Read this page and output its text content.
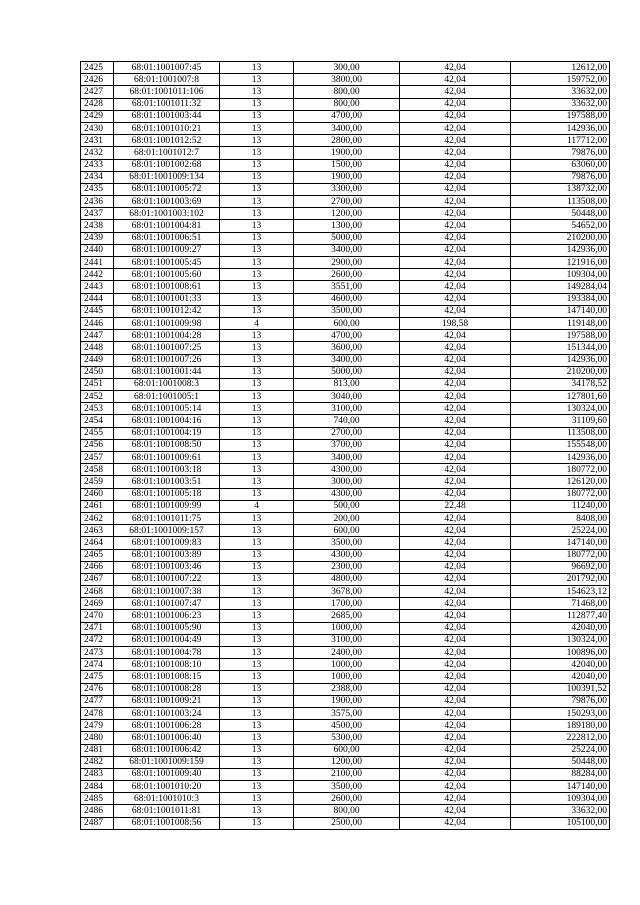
2425	68:01:1001007:45	13	300,00	42,04	12612,00
2426	68:01:1001007:8	13	3800,00	42,04	159752,00
2427	68:01:1001011:106	13	800,00	42,04	33632,00
2428	68:01:1001011:32	13	800,00	42,04	33632,00
2429	68:01:1001003:44	13	4700,00	42,04	197588,00
2430	68:01:1001010:21	13	3400,00	42,04	142936,00
2431	68:01:1001012:52	13	2800,00	42,04	117712,00
2432	68:01:1001012:7	13	1900,00	42,04	79876,00
2433	68:01:1001002:68	13	1500,00	42,04	63060,00
2434	68:01:1001009:134	13	1900,00	42,04	79876,00
2435	68:01:1001005:72	13	3300,00	42,04	138732,00
2436	68:01:1001003:69	13	2700,00	42,04	113508,00
2437	68:01:1001003:102	13	1200,00	42,04	50448,00
2438	68:01:1001004:81	13	1300,00	42,04	54652,00
2439	68:01:1001006:51	13	5000,00	42,04	210200,00
2440	68:01:1001009:27	13	3400,00	42,04	142936,00
2441	68:01:1001005:45	13	2900,00	42,04	121916,00
2442	68:01:1001005:60	13	2600,00	42,04	109304,00
2443	68:01:1001008:61	13	3551,00	42,04	149284,04
2444	68:01:1001001:33	13	4600,00	42,04	193384,00
2445	68:01:1001012:42	13	3500,00	42,04	147140,00
2446	68:01:1001009:98	4	600,00	198,58	119148,00
2447	68:01:1001004:28	13	4700,00	42,04	197588,00
2448	68:01:1001007:25	13	3600,00	42,04	151344,00
2449	68:01:1001007:26	13	3400,00	42,04	142936,00
2450	68:01:1001001:44	13	5000,00	42,04	210200,00
2451	68:01:1001008:3	13	813,00	42,04	34178,52
2452	68:01:1001005:1	13	3040,00	42,04	127801,60
2453	68:01:1001005:14	13	3100,00	42,04	130324,00
2454	68:01:1001004:16	13	740,00	42,04	31109,60
2455	68:01:1001004:19	13	2700,00	42,04	113508,00
2456	68:01:1001008:50	13	3700,00	42,04	155548,00
2457	68:01:1001009:61	13	3400,00	42,04	142936,00
2458	68:01:1001003:18	13	4300,00	42,04	180772,00
2459	68:01:1001003:51	13	3000,00	42,04	126120,00
2460	68:01:1001005:18	13	4300,00	42,04	180772,00
2461	68:01:1001009:99	4	500,00	22,48	11240,00
2462	68:01:1001011:75	13	200,00	42,04	8408,00
2463	68:01:1001009:157	13	600,00	42,04	25224,00
2464	68:01:1001009:83	13	3500,00	42,04	147140,00
2465	68:01:1001003:89	13	4300,00	42,04	180772,00
2466	68:01:1001003:46	13	2300,00	42,04	96692,00
2467	68:01:1001007:22	13	4800,00	42,04	201792,00
2468	68:01:1001007:38	13	3678,00	42,04	154623,12
2469	68:01:1001007:47	13	1700,00	42,04	71468,00
2470	68:01:1001006:23	13	2685,00	42,04	112877,40
2471	68:01:1001005:90	13	1000,00	42,04	42040,00
2472	68:01:1001004:49	13	3100,00	42,04	130324,00
2473	68:01:1001004:78	13	2400,00	42,04	100896,00
2474	68:01:1001008:10	13	1000,00	42,04	42040,00
2475	68:01:1001008:15	13	1000,00	42,04	42040,00
2476	68:01:1001008:28	13	2388,00	42,04	100391,52
2477	68:01:1001009:21	13	1900,00	42,04	79876,00
2478	68:01:1001003:24	13	3575,00	42,04	150293,00
2479	68:01:1001006:28	13	4500,00	42,04	189180,00
2480	68:01:1001006:40	13	5300,00	42,04	222812,00
2481	68:01:1001006:42	13	600,00	42,04	25224,00
2482	68:01:1001009:159	13	1200,00	42,04	50448,00
2483	68:01:1001009:40	13	2100,00	42,04	88284,00
2484	68:01:1001010:20	13	3500,00	42,04	147140,00
2485	68:01:1001010:3	13	2600,00	42,04	109304,00
2486	68:01:1001011:81	13	800,00	42,04	33632,00
2487	68:01:1001008:56	13	2500,00	42,04	105100,00
